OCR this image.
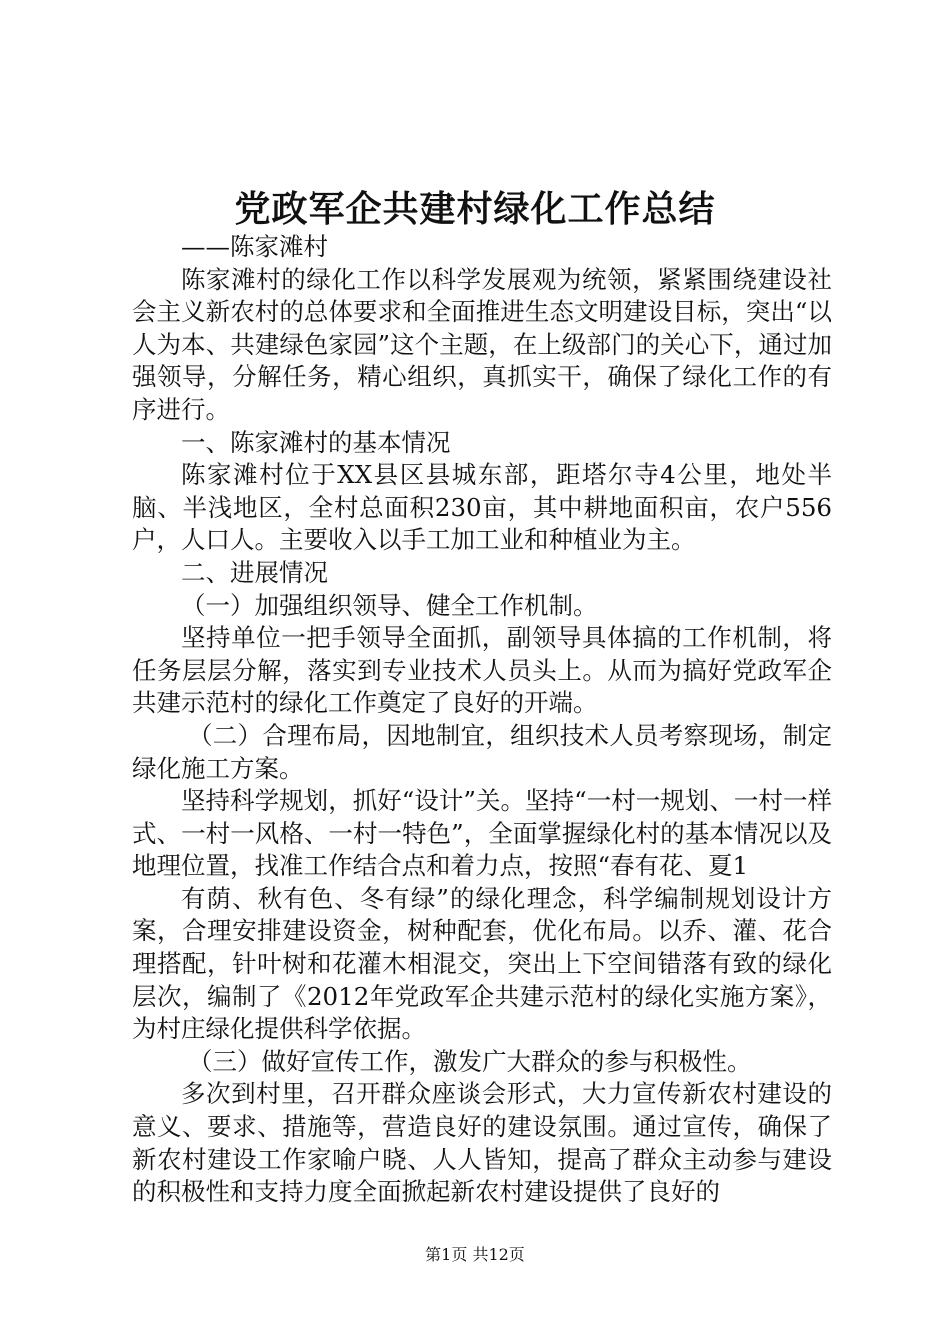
党政军企共建村绿化工作总结

——陈家滩村

陈家滩村的绿化工作以科学发展观为统领，紧紧围绕建设社会主义新农村的总体要求和全面推进生态文明建设目标，突出“以人为本、共建绿色家园”这个主题，在上级部门的关心下，通过加强领导，分解任务，精心组织，真抓实干，确保了绿化工作的有序进行。

一、陈家滩村的基本情况

陈家滩村位于XX县区县城东部，距塔尔寺4公里，地处半脑、半浅地区，全村总面积230亩，其中耕地面积亩，农户556户，人口人。主要收入以手工加工业和种植业为主。

二、进展情况

（一）加强组织领导、健全工作机制。

坚持单位一把手领导全面抓，副领导具体搞的工作机制，将任务层层分解，落实到专业技术人员头上。从而为搞好党政军企共建示范村的绿化工作奠定了良好的开端。

（二）合理布局，因地制宜，组织技术人员考察现场，制定绿化施工方案。

坚持科学规划，抓好“设计”关。坚持“一村一规划、一村一样式、一村一风格、一村一特色”，全面掌握绿化村的基本情况以及地理位置，找准工作结合点和着力点，按照“春有花、夏1

有荫、秋有色、冬有绿”的绿化理念，科学编制规划设计方案，合理安排建设资金，树种配套，优化布局。以乔、灌、花合理搭配，针叶树和花灌木相混交，突出上下空间错落有致的绿化层次，编制了《2012年党政军企共建示范村的绿化实施方案》，为村庄绿化提供科学依据。

（三）做好宣传工作，激发广大群众的参与积极性。

多次到村里，召开群众座谈会形式，大力宣传新农村建设的意义、要求、措施等，营造良好的建设氛围。通过宣传，确保了新农村建设工作家喻户晓、人人皆知，提高了群众主动参与建设的积极性和支持力度全面掀起新农村建设提供了良好的

第1页 共12页
